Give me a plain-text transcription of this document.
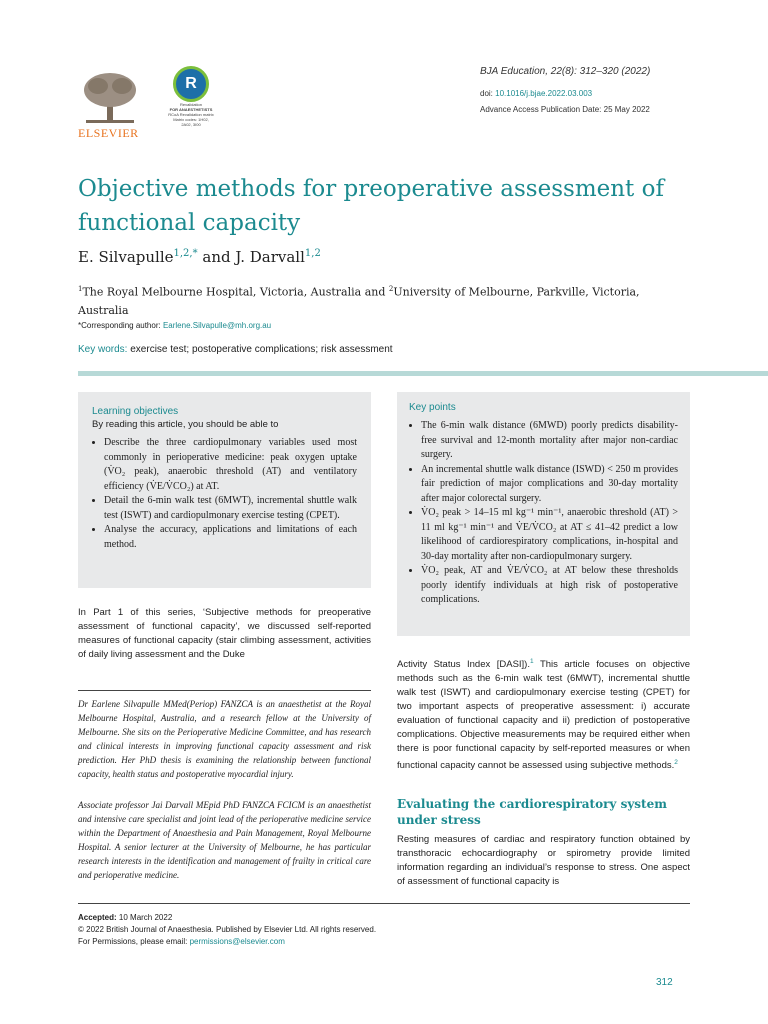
ELSEVIER
R
Revalidation
FOR ANAESTHETISTS
RCoA Revalidation matrix
Matrix codes: 1H02,
2A02, 3I00
BJA Education, 22(8): 312–320 (2022)
doi: 10.1016/j.bjae.2022.03.003
Advance Access Publication Date: 25 May 2022
Objective methods for preoperative assessment of functional capacity
E. Silvapulle$^{1,2,*}$ and J. Darvall$^{1,2}$
$^1$The Royal Melbourne Hospital, Victoria, Australia and $^2$University of Melbourne, Parkville, Victoria, Australia
*Corresponding author: Earlene.Silvapulle@mh.org.au
Key words: exercise test; postoperative complications; risk assessment
Learning objectives

By reading this article, you should be able to

• Describe the three cardiopulmonary variables used most commonly in perioperative medicine: peak oxygen uptake (V̇O₂ peak), anaerobic threshold (AT) and ventilatory efficiency (V̇E/V̇CO₂) at AT.
• Detail the 6-min walk test (6MWT), incremental shuttle walk test (ISWT) and cardiopulmonary exercise testing (CPET).
• Analyse the accuracy, applications and limitations of each method.
Key points
• The 6-min walk distance (6MWD) poorly predicts disability-free survival and 12-month mortality after major non-cardiac surgery.
• An incremental shuttle walk distance (ISWD) < 250 m provides fair prediction of major complications and 30-day mortality after major colorectal surgery.
• V̇O₂ peak > 14–15 ml kg⁻¹ min⁻¹, anaerobic threshold (AT) > 11 ml kg⁻¹ min⁻¹ and V̇E/V̇CO₂ at AT ≤ 41–42 predict a low likelihood of cardiorespiratory complications, in-hospital and 30-day mortality after non-cardiopulmonary surgery.
• V̇O₂ peak, AT and V̇E/V̇CO₂ at AT below these thresholds poorly identify individuals at high risk of postoperative complications.
In Part 1 of this series, ‘Subjective methods for preoperative assessment of functional capacity’, we discussed self-reported measures of functional capacity (stair climbing assessment, activities of daily living assessment and the Duke
Dr Earlene Silvapulle MMed(Periop) FANZCA is an anaesthetist at the Royal Melbourne Hospital, Australia, and a research fellow at the University of Melbourne. She sits on the Perioperative Medicine Committee, and has research and clinical interests in improving functional capacity assessment and risk prediction. Her PhD thesis is examining the relationship between functional capacity, health status and postoperative myocardial injury.
Associate professor Jai Darvall MEpid PhD FANZCA FCICM is an anaesthetist and intensive care specialist and joint lead of the perioperative medicine service within the Department of Anaesthesia and Pain Management, Royal Melbourne Hospital. A senior lecturer at the University of Melbourne, he has particular research interests in the identification and management of frailty in critical care and perioperative medicine.
Activity Status Index [DASI]).$^1$ This article focuses on objective methods such as the 6-min walk test (6MWT), incremental shuttle walk test (ISWT) and cardiopulmonary exercise testing (CPET) for two important aspects of preoperative assessment: i) accurate evaluation of functional capacity and ii) prediction of postoperative complications. Objective measurements may be required either when there is poor functional capacity by self-reported measures or when functional capacity cannot be assessed using subjective methods.$^2$
Evaluating the cardiorespiratory system under stress
Resting measures of cardiac and respiratory function obtained by transthoracic echocardiography or spirometry provide limited information regarding an individual’s response to stress. One aspect of assessment of functional capacity is
Accepted: 10 March 2022
© 2022 British Journal of Anaesthesia. Published by Elsevier Ltd. All rights reserved.
For Permissions, please email: permissions@elsevier.com
312
